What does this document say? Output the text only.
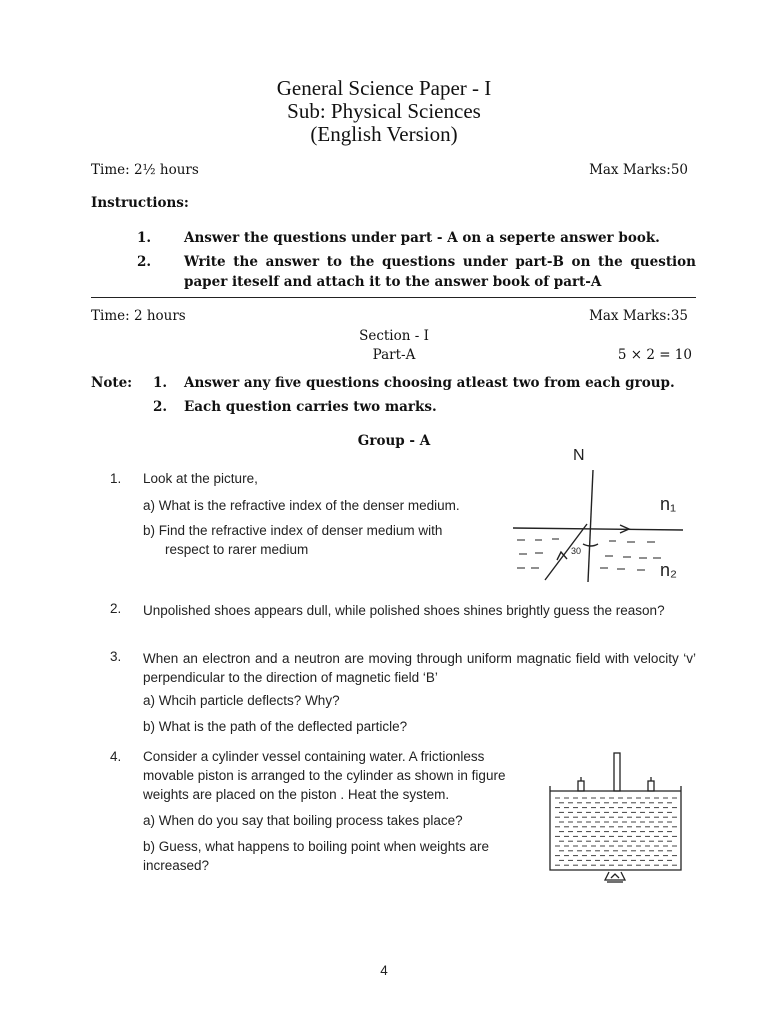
General Science Paper - I
Sub: Physical Sciences
(English Version)
Time: 2½ hours	Max Marks:50
Instructions:
1. Answer the questions under part - A on a seperte answer book.
2. Write the answer to the questions under part-B on the question
paper iteself and attach it to the answer book of part-A
Time: 2 hours	Max Marks:35
Section - I
Part-A	5 × 2 = 10
Note: 1. Answer any five questions choosing atleast two from each group.
2. Each question carries two marks.
Group - A
1. Look at the picture,
a) What is the refractive index of the denser medium.
b) Find the refractive index of denser medium with
respect to rarer medium
N
n₁
n₂
30
2. Unpolished shoes appears dull, while polished shoes shines brightly guess the reason?
3. When an electron and a neutron are moving through uniform magnatic field with velocity ‘v’ perpendicular to the direction of magnetic field ‘B’
a) Whcih particle deflects? Why?
b) What is the path of the deflected particle?
4. Consider a cylinder vessel containing water. A frictionless
movable piston is arranged to the cylinder as shown in figure
weights are placed on the piston . Heat the system.
a) When do you say that boiling process takes place?
b) Guess, what happens to boiling point when weights are
increased?
4
